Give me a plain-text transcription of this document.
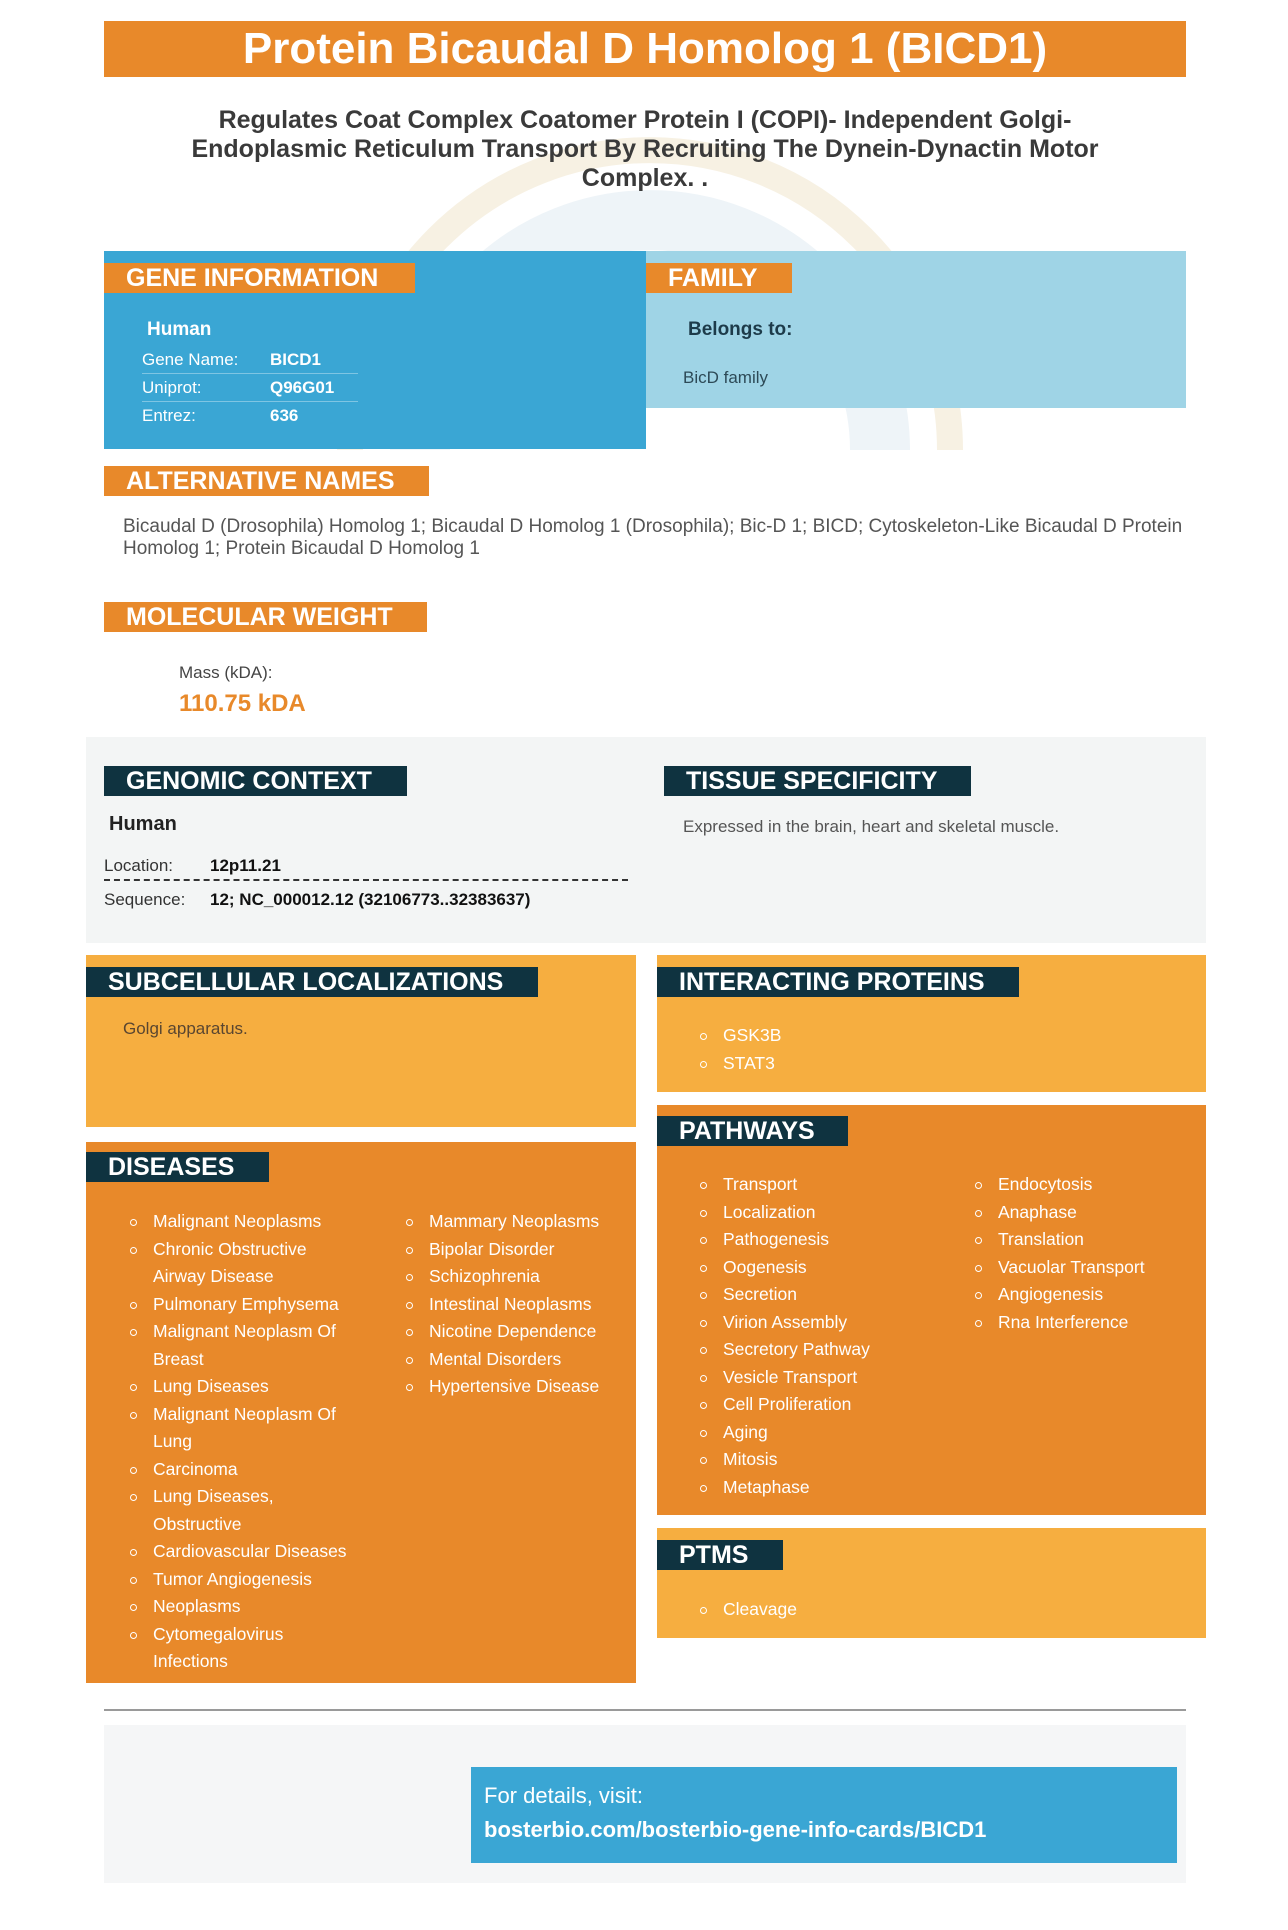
Protein Bicaudal D Homolog 1 (BICD1)
Regulates Coat Complex Coatomer Protein I (COPI)- Independent Golgi-Endoplasmic Reticulum Transport By Recruiting The Dynein-Dynactin Motor Complex. .
GENE INFORMATION
Human
Gene Name:	BICD1
Uniprot:	Q96G01
Entrez:	636
FAMILY
Belongs to:
BicD family
ALTERNATIVE NAMES
Bicaudal D (Drosophila) Homolog 1; Bicaudal D Homolog 1 (Drosophila); Bic-D 1; BICD; Cytoskeleton-Like Bicaudal D Protein Homolog 1; Protein Bicaudal D Homolog 1
MOLECULAR WEIGHT
Mass (kDA):
110.75 kDA
GENOMIC CONTEXT
Human
Location: 12p11.21
Sequence: 12; NC_000012.12 (32106773..32383637)
TISSUE SPECIFICITY
Expressed in the brain, heart and skeletal muscle.
SUBCELLULAR LOCALIZATIONS
Golgi apparatus.
INTERACTING PROTEINS
GSK3B
STAT3
DISEASES
Malignant Neoplasms
Chronic Obstructive Airway Disease
Pulmonary Emphysema
Malignant Neoplasm Of Breast
Lung Diseases
Malignant Neoplasm Of Lung
Carcinoma
Lung Diseases, Obstructive
Cardiovascular Diseases
Tumor Angiogenesis
Neoplasms
Cytomegalovirus Infections
Mammary Neoplasms
Bipolar Disorder
Schizophrenia
Intestinal Neoplasms
Nicotine Dependence
Mental Disorders
Hypertensive Disease
PATHWAYS
Transport
Localization
Pathogenesis
Oogenesis
Secretion
Virion Assembly
Secretory Pathway
Vesicle Transport
Cell Proliferation
Aging
Mitosis
Metaphase
Endocytosis
Anaphase
Translation
Vacuolar Transport
Angiogenesis
Rna Interference
PTMS
Cleavage
For details, visit:
bosterbio.com/bosterbio-gene-info-cards/BICD1
